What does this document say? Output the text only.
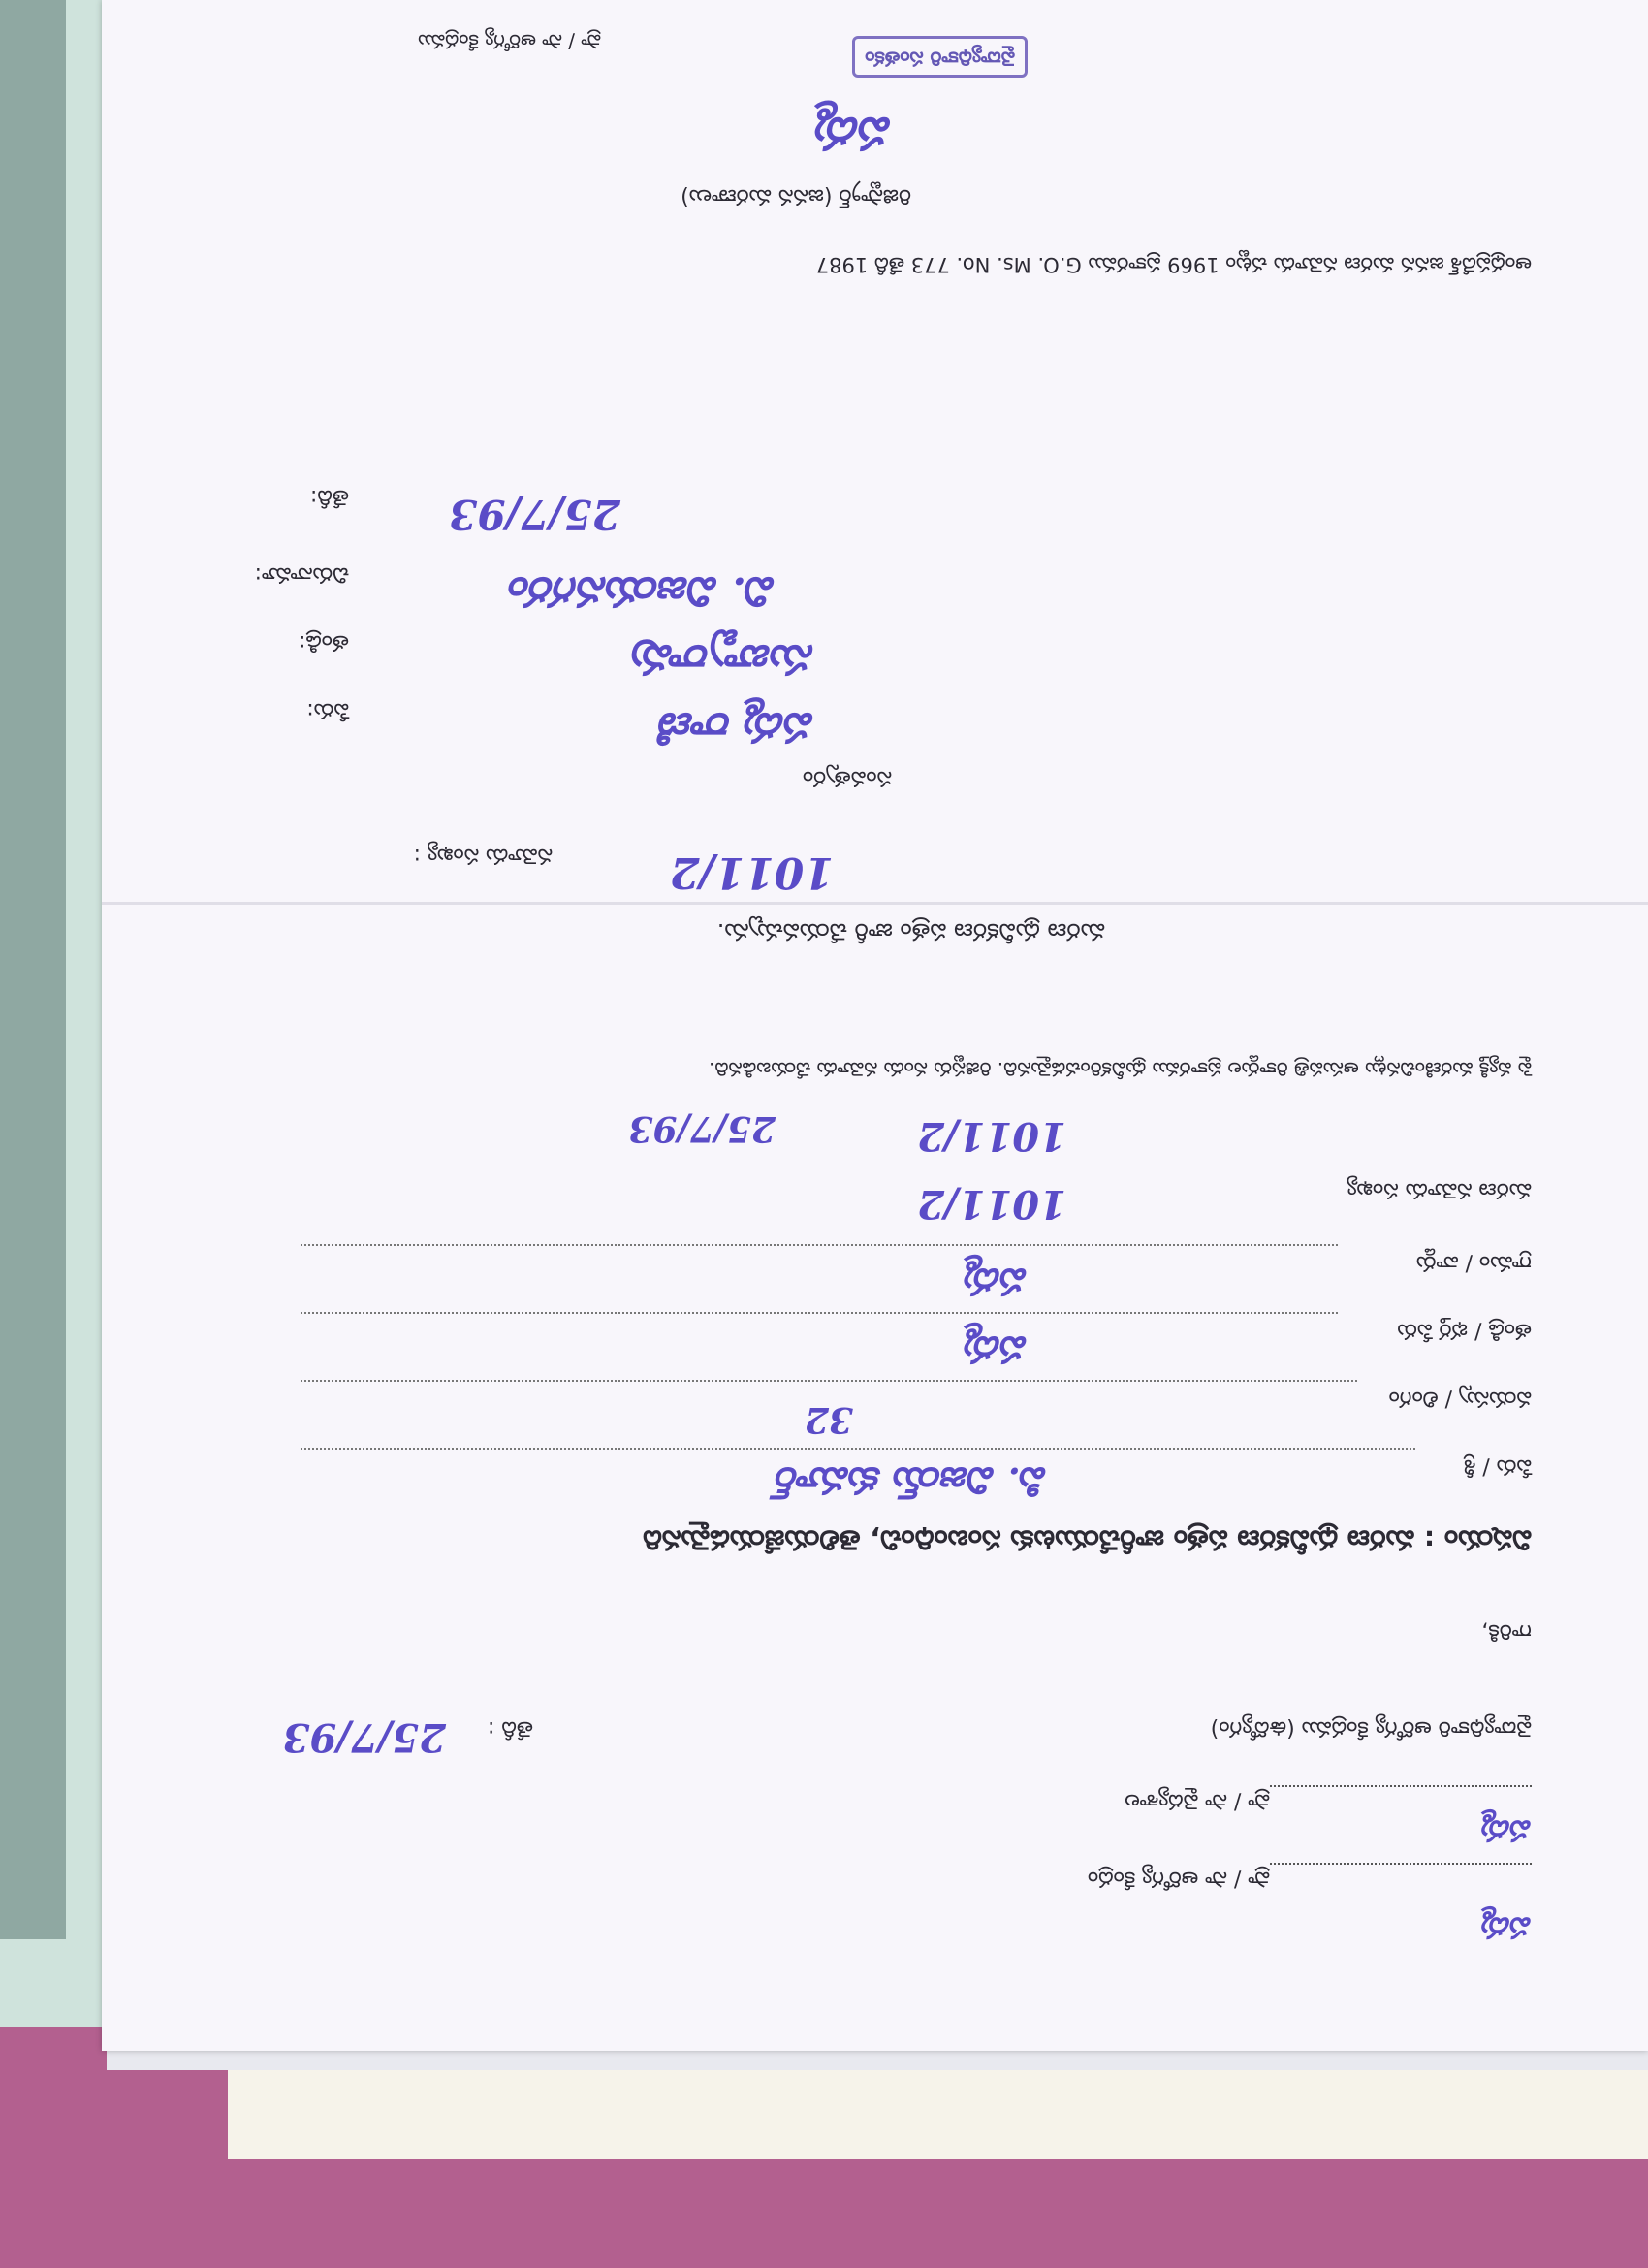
పద్మ
ప్రా / సా ఆరోగ్య కేంద్రం
పద్మ
ప్రా / సా వైద్యశాల
వైద్యాధికారి ఆరోగ్య కేంద్రము (ఉద్యోగం)
తేదీ :
25/7/93
గారికి,
విషయం : మరణ ధ్రువీకరణ పత్రం జారీచేయుటకు సంబంధించి, తెలియజేయడమైనది
పేరు / శ్రీ
పి. విజయ్ కుమార్
వయస్సు / లింగం
32
తండ్రి / భర్త పేరు
పద్మ
గ్రామం / వార్డు
పద్మ
మరణ నమోదు సంఖ్య
1011/2
1011/2
25/7/93
పై వ్యక్తి మరణించినట్లు ఆసుపత్రి రికార్డుల ప్రకారము ధ్రువీకరించడమైనది. రిజిస్టరు నందు నమోదు చేయబడినది.
మరణ ధ్రువీకరణ పత్రం జారీ చేయవచ్చును.
నమోదు సంఖ్య :	1011/2
సంవత్సరం
పేరు:	పద్మ రాణి
తండ్రి:	సుబ్బారావు
చిరునామా:	వి. విజయనగరం
తేదీ: 25/7/93
ఆంధ్రప్రదేశ్ జనన మరణ నమోదు చట్టం 1969 ప్రకారము G.O. Ms. No. 773 తేదీ 1987
రిజిస్ట్రార్ (జనన మరణాలు)
పద్మ
వైద్యాధికారి సంతకం
ప్రా / సా ఆరోగ్య కేంద్రము
